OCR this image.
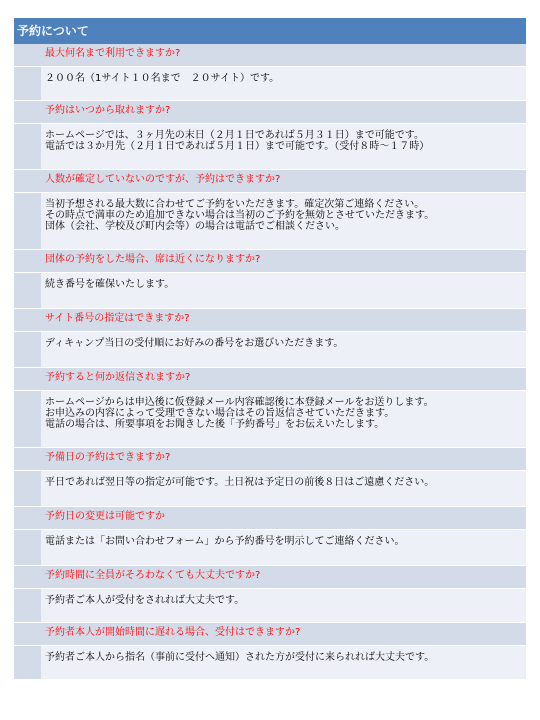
予約について
最大何名まで利用できますか?
２００名（1サイト１０名まで　２０サイト）です。
予約はいつから取れますか?
ホームページでは、３ヶ月先の末日（２月１日であれば５月３１日）まで可能です。
電話では３か月先（２月１日であれば５月１日）まで可能です。（受付８時～１７時）
人数が確定していないのですが、予約はできますか?
当初予想される最大数に合わせてご予約をいただきます。確定次第ご連絡ください。
その時点で満車のため追加できない場合は当初のご予約を無効とさせていただきます。
団体（会社、学校及び町内会等）の場合は電話でご相談ください。
団体の予約をした場合、席は近くになりますか?
続き番号を確保いたします。
サイト番号の指定はできますか?
ディキャンプ当日の受付順にお好みの番号をお選びいただきます。
予約すると何か返信されますか?
ホームページからは申込後に仮登録メール内容確認後に本登録メールをお送りします。
お申込みの内容によって受理できない場合はその旨返信させていただきます。
電話の場合は、所要事項をお聞きした後「予約番号」をお伝えいたします。
予備日の予約はできますか?
平日であれば翌日等の指定が可能です。土日祝は予定日の前後８日はご遠慮ください。
予約日の変更は可能ですか
電話または「お問い合わせフォーム」から予約番号を明示してご連絡ください。
予約時間に全員がそろわなくても大丈夫ですか?
予約者ご本人が受付をされれば大丈夫です。
予約者本人が開始時間に遅れる場合、受付はできますか?
予約者ご本人から指名（事前に受付へ通知）された方が受付に来られれば大丈夫です。
